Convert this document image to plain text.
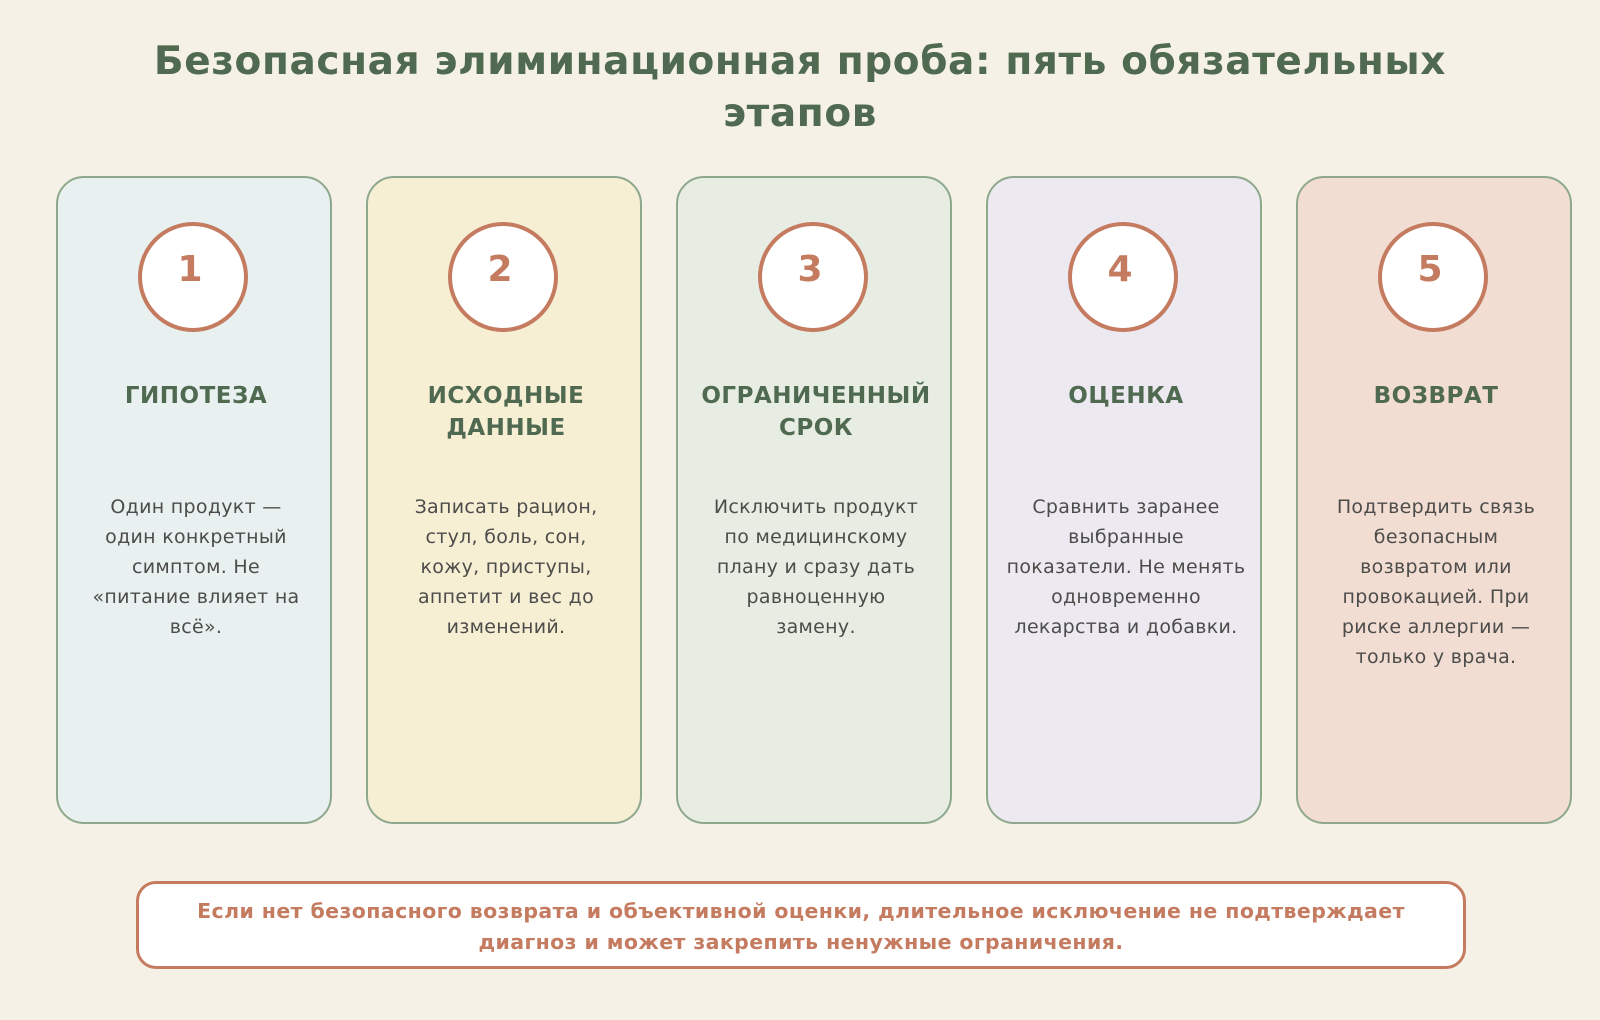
Безопасная элиминационная проба: пять обязательных этапов
1
ГИПОТЕЗА
Один продукт — один конкретный симптом. Не «питание влияет на всё».
2
ИСХОДНЫЕ ДАННЫЕ
Записать рацион, стул, боль, сон, кожу, приступы, аппетит и вес до изменений.
3
ОГРАНИЧЕННЫЙ СРОК
Исключить продукт по медицинскому плану и сразу дать равноценную замену.
4
ОЦЕНКА
Сравнить заранее выбранные показатели. Не менять одновременно лекарства и добавки.
5
ВОЗВРАТ
Подтвердить связь безопасным возвратом или провокацией. При риске аллергии — только у врача.
Если нет безопасного возврата и объективной оценки, длительное исключение не подтверждает диагноз и может закрепить ненужные ограничения.
